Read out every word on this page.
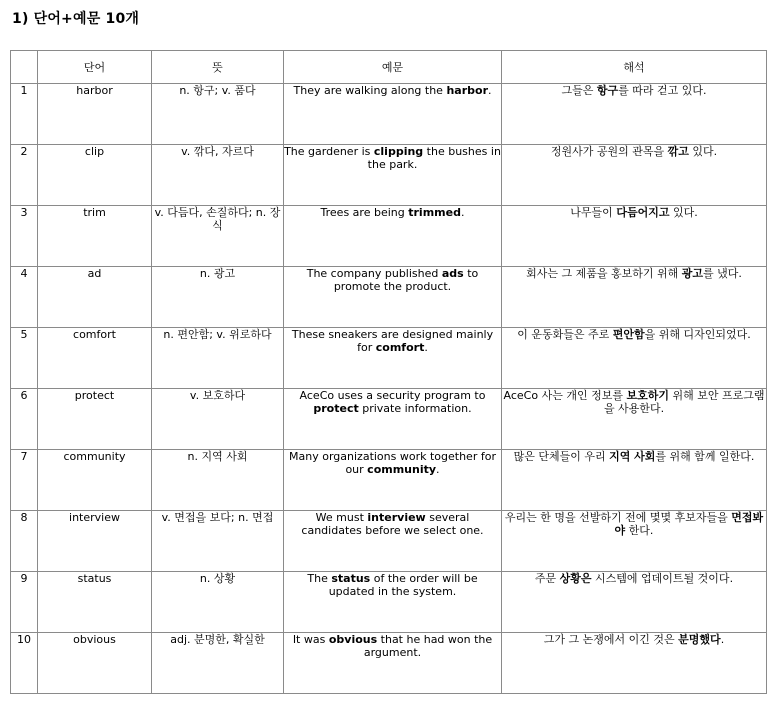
1) 단어+예문 10개
	단어	뜻	예문	해석
1	harbor	n. 항구; v. 품다	They are walking along the harbor.	그들은 항구를 따라 걷고 있다.
2	clip	v. 깎다, 자르다	The gardener is clipping the bushes in the park.	정원사가 공원의 관목을 깎고 있다.
3	trim	v. 다듬다, 손질하다; n. 장식	Trees are being trimmed.	나무들이 다듬어지고 있다.
4	ad	n. 광고	The company published ads to promote the product.	회사는 그 제품을 홍보하기 위해 광고를 냈다.
5	comfort	n. 편안함; v. 위로하다	These sneakers are designed mainly for comfort.	이 운동화들은 주로 편안함을 위해 디자인되었다.
6	protect	v. 보호하다	AceCo uses a security program to protect private information.	AceCo 사는 개인 정보를 보호하기 위해 보안 프로그램을 사용한다.
7	community	n. 지역 사회	Many organizations work together for our community.	많은 단체들이 우리 지역 사회를 위해 함께 일한다.
8	interview	v. 면접을 보다; n. 면접	We must interview several candidates before we select one.	우리는 한 명을 선발하기 전에 몇몇 후보자들을 면접봐야 한다.
9	status	n. 상황	The status of the order will be updated in the system.	주문 상황은 시스템에 업데이트될 것이다.
10	obvious	adj. 분명한, 확실한	It was obvious that he had won the argument.	그가 그 논쟁에서 이긴 것은 분명했다.
